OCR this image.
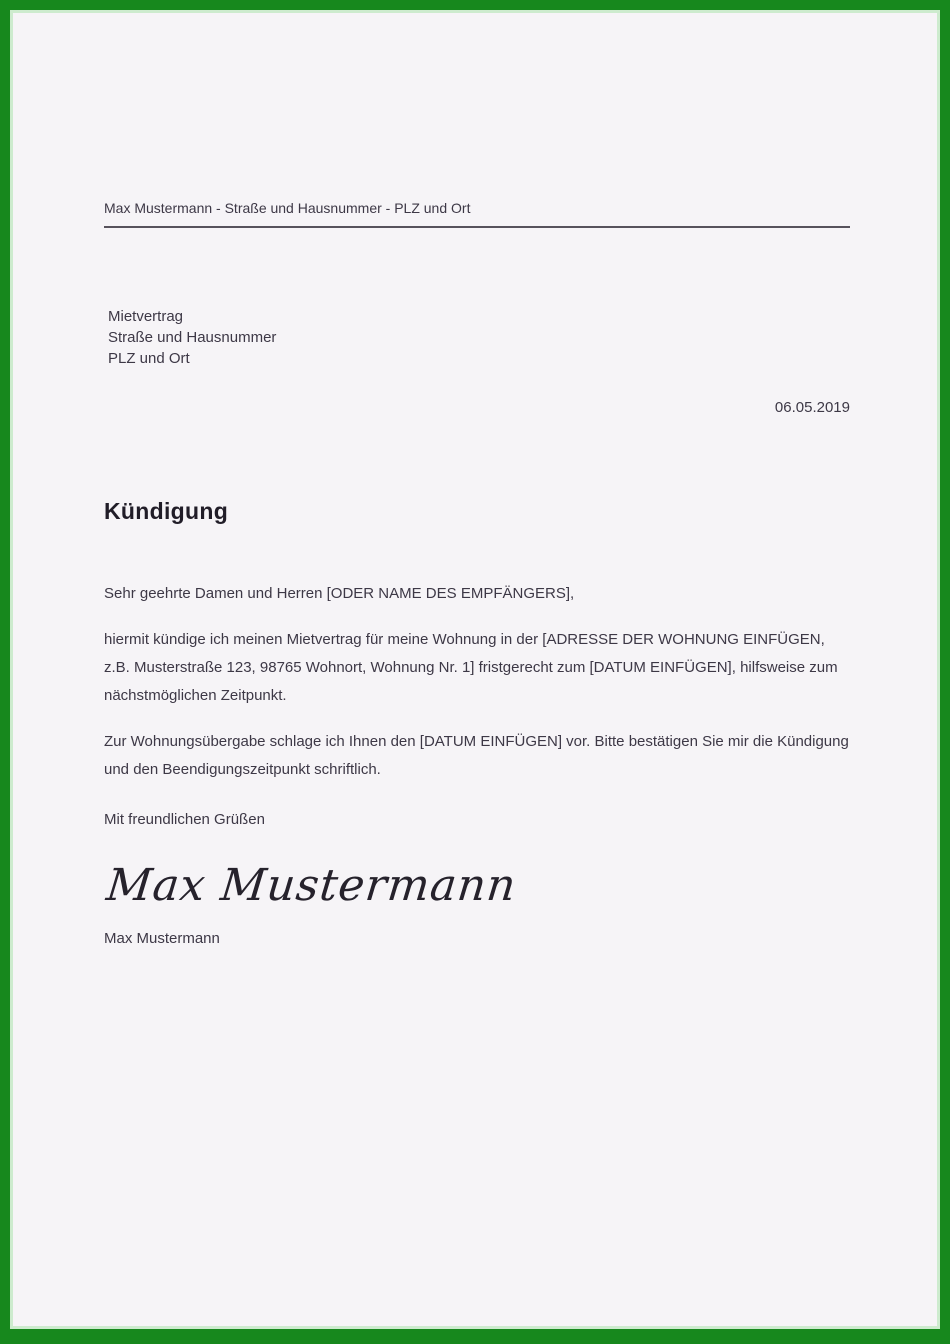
Max Mustermann - Straße und Hausnummer - PLZ und Ort
Mietvertrag
Straße und Hausnummer
PLZ und Ort
06.05.2019
Kündigung
Sehr geehrte Damen und Herren [ODER NAME DES EMPFÄNGERS],
hiermit kündige ich meinen Mietvertrag für meine Wohnung in der [ADRESSE DER WOHNUNG EINFÜGEN, z.B. Musterstraße 123, 98765 Wohnort, Wohnung Nr. 1] fristgerecht zum [DATUM EINFÜGEN], hilfsweise zum nächstmöglichen Zeitpunkt.
Zur Wohnungsübergabe schlage ich Ihnen den [DATUM EINFÜGEN] vor. Bitte bestätigen Sie mir die Kündigung und den Beendigungszeitpunkt schriftlich.
Mit freundlichen Grüßen
Max Mustermann
Max Mustermann
